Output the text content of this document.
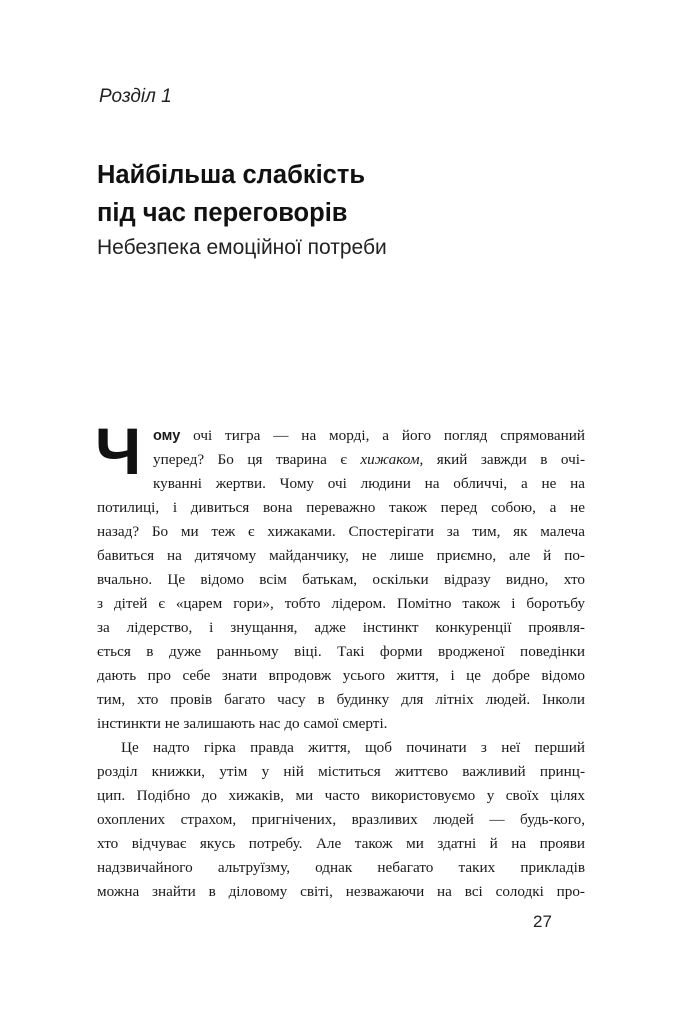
Розділ 1
Найбільша слабкість
під час переговорів
Небезпека емоційної потреби
Ч ому очі тигра — на морді, а його погляд спрямований
уперед? Бо ця тварина є хижаком, який завжди в очі-
куванні жертви. Чому очі людини на обличчі, а не на
потилиці, і дивиться вона переважно також перед собою, а не
назад? Бо ми теж є хижаками. Спостерігати за тим, як малеча
бавиться на дитячому майданчику, не лише приємно, але й по-
вчально. Це відомо всім батькам, оскільки відразу видно, хто
з дітей є «царем гори», тобто лідером. Помітно також і боротьбу
за лідерство, і знущання, адже інстинкт конкуренції проявля-
ється в дуже ранньому віці. Такі форми вродженої поведінки
дають про себе знати впродовж усього життя, і це добре відомо
тим, хто провів багато часу в будинку для літніх людей. Інколи
інстинкти не залишають нас до самої смерті.
Це надто гірка правда життя, щоб починати з неї перший
розділ книжки, утім у ній міститься життєво важливий принц-
цип. Подібно до хижаків, ми часто використовуємо у своїх цілях
охоплених страхом, пригнічених, вразливих людей — будь-кого,
хто відчуває якусь потребу. Але також ми здатні й на прояви
надзвичайного альтруїзму, однак небагато таких прикладів
можна знайти в діловому світі, незважаючи на всі солодкі про-
27
